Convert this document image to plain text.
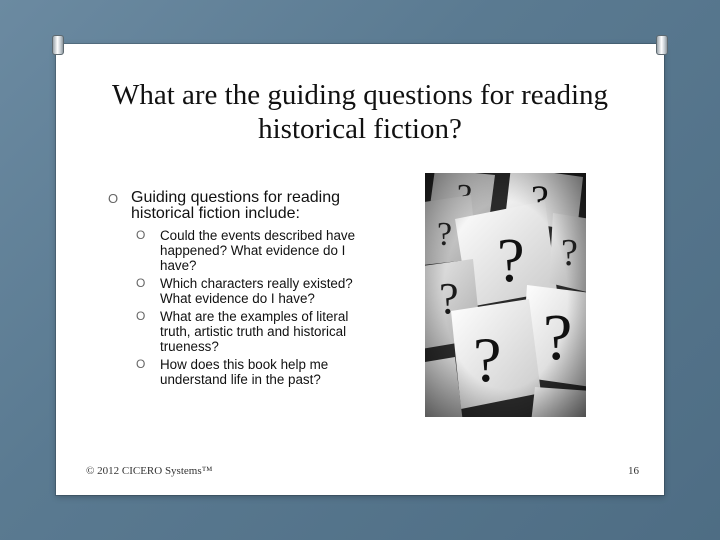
What are the guiding questions for reading historical fiction?
O Guiding questions for reading historical fiction include:
O Could the events described have happened? What evidence do I have?
O Which characters really existed? What evidence do I have?
O What are the examples of literal truth, artistic truth and historical trueness?
O How does this book help me understand life in the past?
© 2012 CICERO Systems™	16
